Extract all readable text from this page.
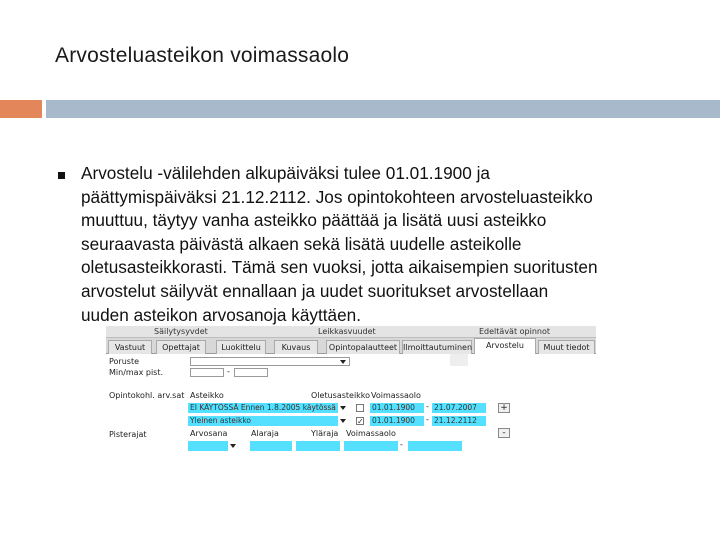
Arvosteluasteikon voimassaolo
Arvostelu -välilehden alkupäiväksi tulee 01.01.1900 ja
päättymispäiväksi 21.12.2112. Jos opintokohteen arvosteluasteikko
muuttuu, täytyy vanha asteikko päättää ja lisätä uusi asteikko
seuraavasta päivästä alkaen sekä lisätä uudelle asteikolle
oletusasteikkorasti. Tämä sen vuoksi, jotta aikaisempien suoritusten
arvostelut säilyvät ennallaan ja uudet suoritukset arvostellaan
uuden asteikon arvosanoja käyttäen.
Säilytysyvdet	Leikkasvuudet	Edeltävät opinnot
Vastuut	Opettajat	Luokittelu	Kuvaus	Opintopalautteet Ilmoittautuminen	Arvostelu	Muut tiedot
Poruste
Min/max pist.	-
Opintokohl. arv.sat Asteikko	Oletusasteikko Voimassaolo
EI KÄYTÖSSÄ Ennen 1.8.2005 käytössä	01.01.1900	- 21.07.2007	+
Yleinen asteikko	✓ 01.01.1900	- 21.12.2112
Pisterajat	Arvosana	Alaraja	Yläraja Voimassaolo	-
-
